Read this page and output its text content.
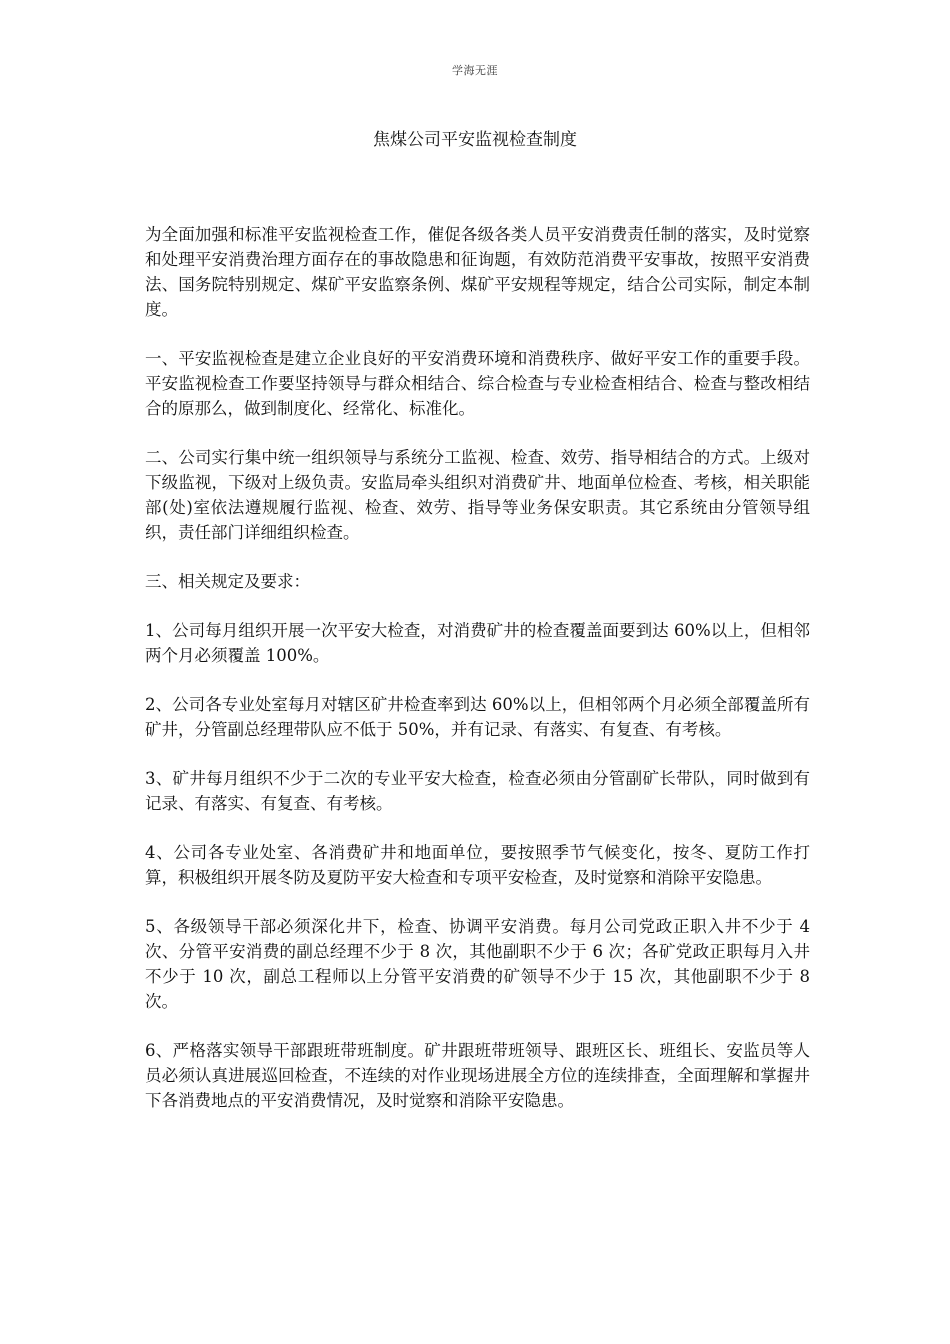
学海无涯
焦煤公司平安监视检查制度

为全面加强和标准平安监视检查工作，催促各级各类人员平安消费责任制的落实，及时觉察和处理平安消费治理方面存在的事故隐患和征询题，有效防范消费平安事故，按照平安消费法、国务院特别规定、煤矿平安监察条例、煤矿平安规程等规定，结合公司实际，制定本制度。

一、平安监视检查是建立企业良好的平安消费环境和消费秩序、做好平安工作的重要手段。平安监视检查工作要坚持领导与群众相结合、综合检查与专业检查相结合、检查与整改相结合的原那么，做到制度化、经常化、标准化。

二、公司实行集中统一组织领导与系统分工监视、检查、效劳、指导相结合的方式。上级对下级监视，下级对上级负责。安监局牵头组织对消费矿井、地面单位检查、考核，相关职能部(处)室依法遵规履行监视、检查、效劳、指导等业务保安职责。其它系统由分管领导组织，责任部门详细组织检查。

三、相关规定及要求：

1、公司每月组织开展一次平安大检查，对消费矿井的检查覆盖面要到达 60%以上，但相邻两个月必须覆盖 100%。

2、公司各专业处室每月对辖区矿井检查率到达 60%以上，但相邻两个月必须全部覆盖所有矿井，分管副总经理带队应不低于 50%，并有记录、有落实、有复查、有考核。

3、矿井每月组织不少于二次的专业平安大检查，检查必须由分管副矿长带队，同时做到有记录、有落实、有复查、有考核。

4、公司各专业处室、各消费矿井和地面单位，要按照季节气候变化，按冬、夏防工作打算，积极组织开展冬防及夏防平安大检查和专项平安检查，及时觉察和消除平安隐患。

5、各级领导干部必须深化井下，检查、协调平安消费。每月公司党政正职入井不少于 4 次、分管平安消费的副总经理不少于 8 次，其他副职不少于 6 次；各矿党政正职每月入井不少于 10 次，副总工程师以上分管平安消费的矿领导不少于 15 次，其他副职不少于 8 次。

6、严格落实领导干部跟班带班制度。矿井跟班带班领导、跟班区长、班组长、安监员等人员必须认真进展巡回检查，不连续的对作业现场进展全方位的连续排查，全面理解和掌握井下各消费地点的平安消费情况，及时觉察和消除平安隐患。
